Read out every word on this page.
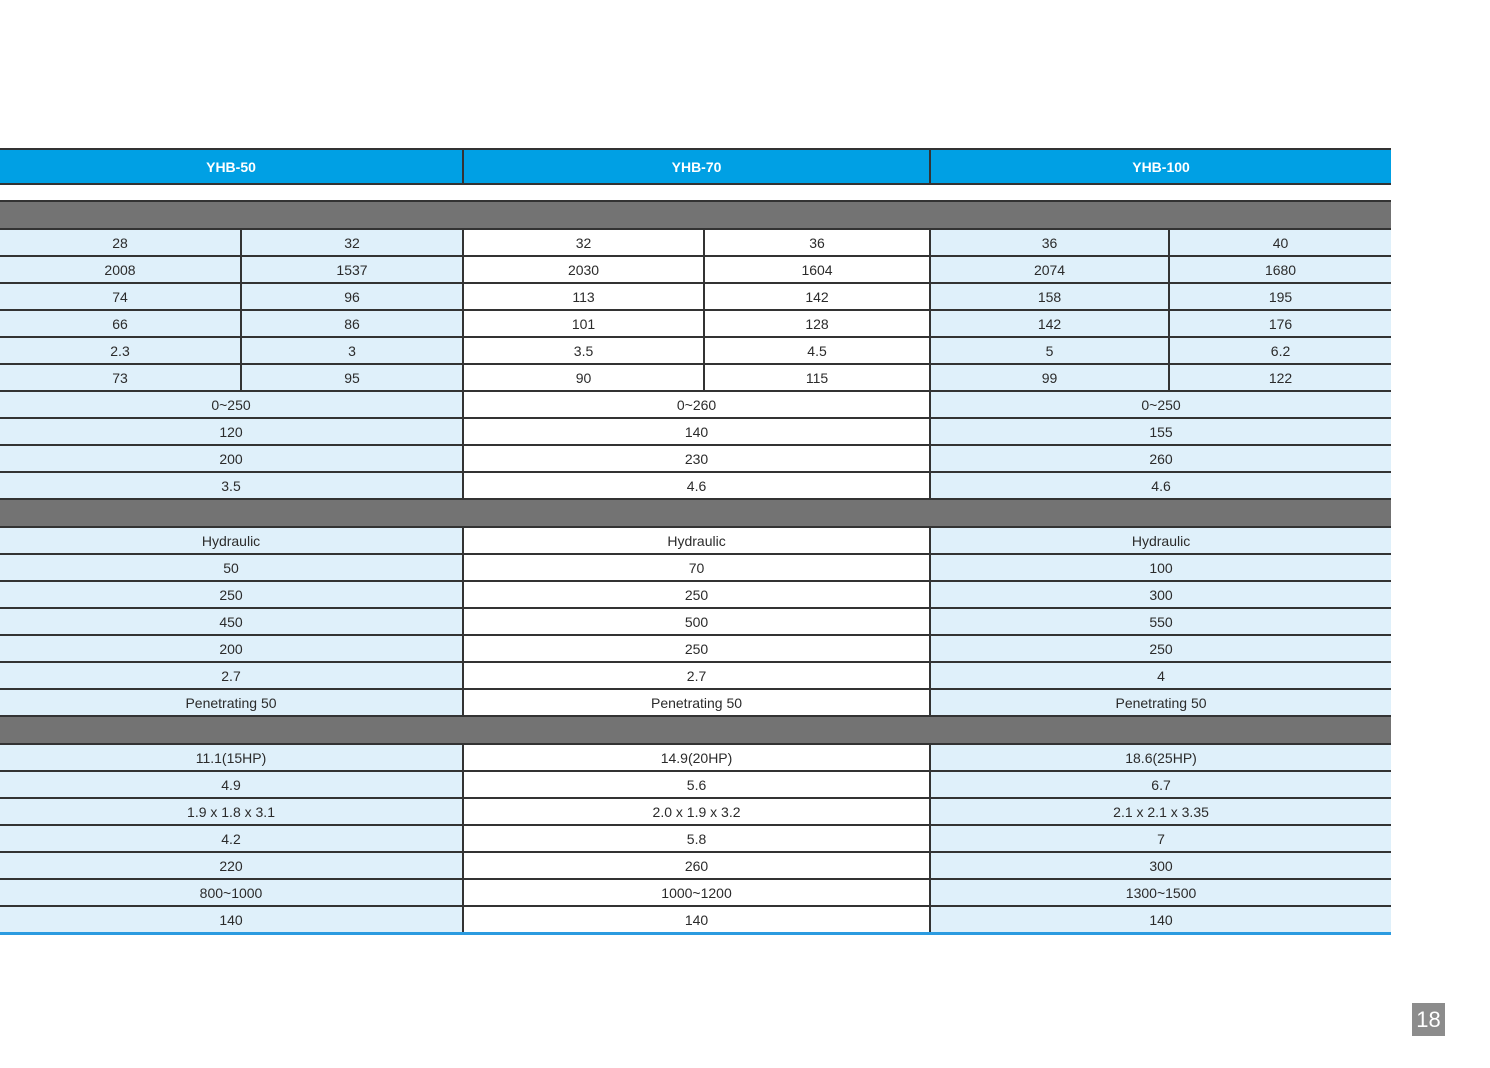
YHB-50		YHB-70		YHB-100	

28	32	32	36	36	40
2008	1537	2030	1604	2074	1680
74	96	113	142	158	195
66	86	101	128	142	176
2.3	3	3.5	4.5	5	6.2
73	95	90	115	99	122
0~250		0~260		0~250	
120		140		155	
200		230		260	
3.5		4.6		4.6	

Hydraulic		Hydraulic		Hydraulic	
50		70		100	
250		250		300	
450		500		550	
200		250		250	
2.7		2.7		4	
Penetrating 50		Penetrating 50		Penetrating 50	

11.1(15HP)		14.9(20HP)		18.6(25HP)	
4.9		5.6		6.7	
1.9 x 1.8 x 3.1		2.0 x 1.9 x 3.2		2.1 x 2.1 x 3.35	
4.2		5.8		7	
220		260		300	
800~1000		1000~1200		1300~1500	
140		140		140	
18
